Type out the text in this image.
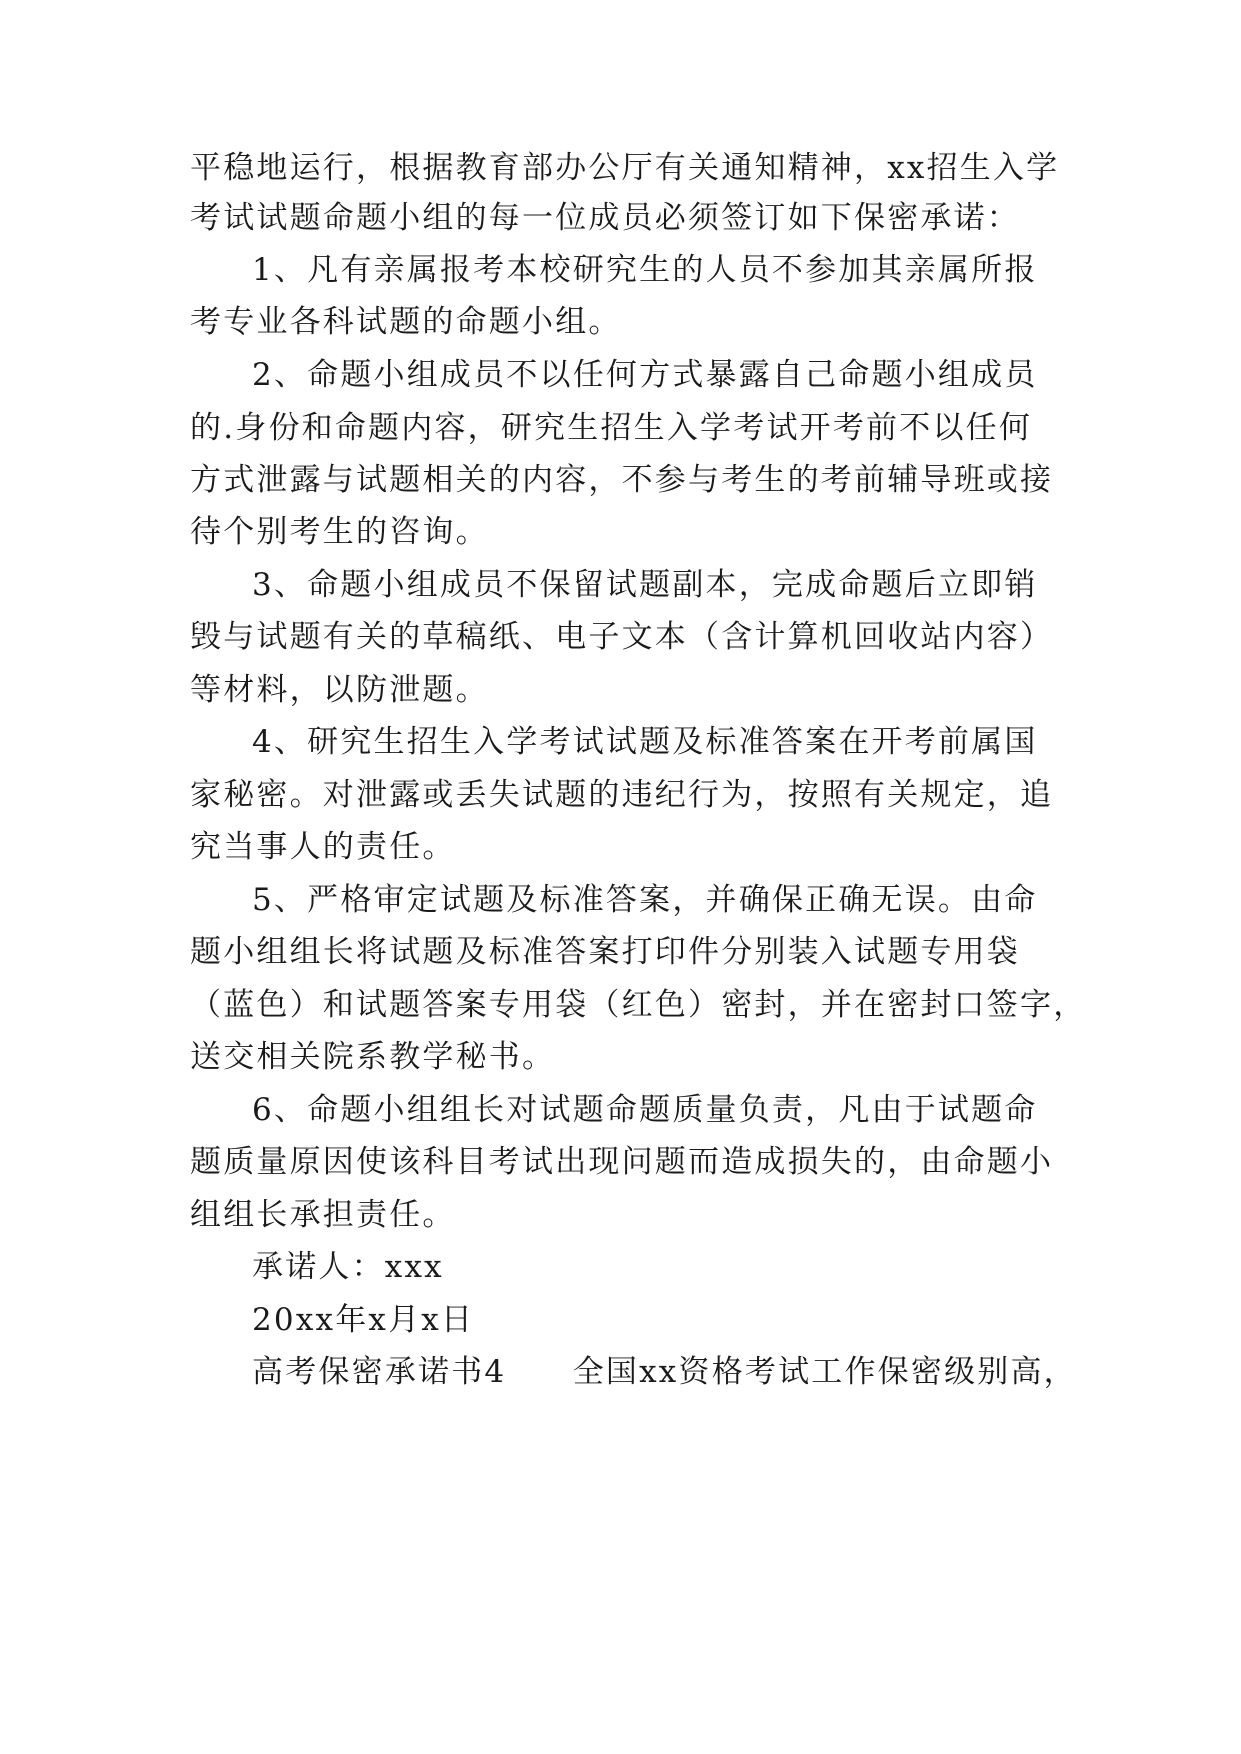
平稳地运行，根据教育部办公厅有关通知精神，xx招生入学
考试试题命题小组的每一位成员必须签订如下保密承诺：
1、凡有亲属报考本校研究生的人员不参加其亲属所报
考专业各科试题的命题小组。
2、命题小组成员不以任何方式暴露自己命题小组成员
的.身份和命题内容，研究生招生入学考试开考前不以任何
方式泄露与试题相关的内容，不参与考生的考前辅导班或接
待个别考生的咨询。
3、命题小组成员不保留试题副本，完成命题后立即销
毁与试题有关的草稿纸、电子文本（含计算机回收站内容）
等材料，以防泄题。
4、研究生招生入学考试试题及标准答案在开考前属国
家秘密。对泄露或丢失试题的违纪行为，按照有关规定，追
究当事人的责任。
5、严格审定试题及标准答案，并确保正确无误。由命
题小组组长将试题及标准答案打印件分别装入试题专用袋
（蓝色）和试题答案专用袋（红色）密封，并在密封口签字，
送交相关院系教学秘书。
6、命题小组组长对试题命题质量负责，凡由于试题命
题质量原因使该科目考试出现问题而造成损失的，由命题小
组组长承担责任。
承诺人：xxx
20xx年x月x日
高考保密承诺书4　　全国xx资格考试工作保密级别高，
